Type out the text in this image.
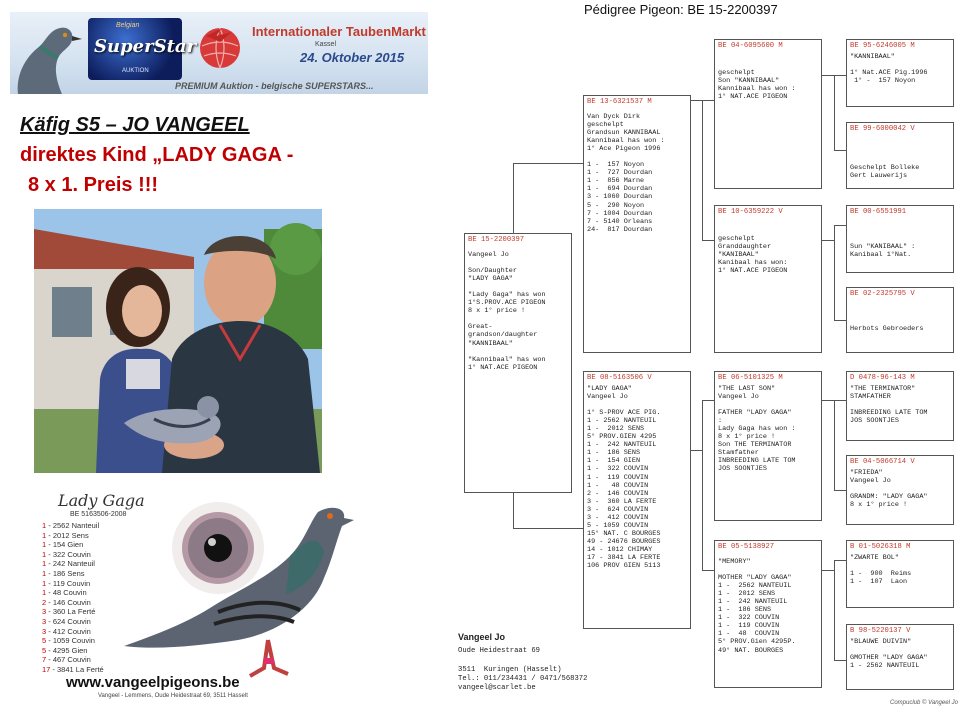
Belgian
SuperStar
AUKTION
Internationaler TaubenMarkt
Kassel
24. Oktober 2015
PREMIUM Auktion - belgische SUPERSTARS...
Käfig S5 – JO VANGEEL
direktes Kind „LADY GAGA -
8 x 1. Preis !!!
Lady Gaga
BE 5163506-2008
1 - 2562 Nanteuil
1 - 2012 Sens
1 - 154 Gien
1 - 322 Couvin
1 - 242 Nanteuil
1 - 186 Sens
1 - 119 Couvin
1 - 48 Couvin
2 - 146 Couvin
3 - 360 La Ferté
3 - 624 Couvin
3 - 412 Couvin
5 - 1059 Couvin
5 - 4295 Gien
7 - 467 Couvin
17 - 3841 La Ferté
www.vangeelpigeons.be
Vangeel - Lemmens, Oude Heidestraat 69, 3511 Hasselt
Pédigree Pigeon: BE 15-2200397
BE 15-2200397
Vangeel Jo

Son/Daughter
"LADY GAGA"

"Lady Gaga" has won
1°S.PROV.ACE PIGEON
8 x 1° price !

Great-
grandson/daughter
"KANNIBAAL"

"Kannibaal" has won
1° NAT.ACE PIGEON
BE 13-6321537 M
Van Dyck Dirk
geschelpt
Grandsun KANNIBAAL
Kannibaal has won :
1° Ace Pigeon 1996

1 -  157 Noyon
1 -  727 Dourdan
1 -  856 Marne
1 -  694 Dourdan
3 - 1060 Dourdan
5 -  290 Noyon
7 - 1004 Dourdan
7 - 5140 Orleans
24-  817 Dourdan
BE 08-5163506 V
"LADY GAGA"
Vangeel Jo

1° S-PROV ACE PIG.
1 - 2562 NANTEUIL
1 -  2012 SENS
5° PROV.GIEN 4295
1 -  242 NANTEUIL
1 -  186 SENS
1 -  154 GIEN
1 -  322 COUVIN
1 -  119 COUVIN
1 -   48 COUVIN
2 -  146 COUVIN
3 -  360 LA FERTE
3 -  624 COUVIN
3 -  412 COUVIN
5 - 1059 COUVIN
15° NAT. C BOURGES
49 - 24676 BOURGES
14 - 1012 CHIMAY
17 - 3841 LA FERTE
106 PROV GIEN 5113
BE 04-6095600 M
geschelpt
Son "KANNIBAAL"
Kannibaal has won :
1° NAT.ACE PIGEON
BE 10-6359222 V
geschelpt
Granddaughter
"KANIBAAL"
Kanibaal has won:
1° NAT.ACE PIGEON
BE 06-5101325 M
"THE LAST SON"
Vangeel Jo

FATHER "LADY GAGA"
:
Lady Gaga has won :
8 x 1° price !
Son THE TERMINATOR
Stamfather
INBREEDING LATE TOM
JOS SOONTJES
BE 05-5138927
"MEMORY"

MOTHER "LADY GAGA"
1 -  2562 NANTEUIL
1 -  2012 SENS
1 -  242 NANTEUIL
1 -  186 SENS
1 -  322 COUVIN
1 -  119 COUVIN
1 -  48  COUVIN
5° PROV.Gien 4295P.
49° NAT. BOURGES
BE 95-6246005 M
"KANNIBAAL"

1° Nat.ACE Pig.1996
1° -  157 Noyon
BE 99-6000042 V
Geschelpt Bolleke
Gert Lauwerijs
BE 00-6551991
Sun "KANIBAAL" :
Kanibaal 1°Nat.
BE 02-2325795 V
Herbots Gebroeders
D 0478-96-143 M
"THE TERMINATOR"
STAMFATHER

INBREEDING LATE TOM
JOS SOONTJES
BE 04-5066714 V
"FRIEDA"
Vangeel Jo

GRANDM: "LADY GAGA"
8 x 1° price !
B 01-5026318 M
"ZWARTE BOL"

1 -  900  Reims
1 -  107  Laon
B 98-5220137 V
"BLAUWE DUIVIN"

GMOTHER "LADY GAGA"
1 - 2562 NANTEUIL
Vangeel Jo
Oude Heidestraat 69

3511  Kuringen (Hasselt)
Tel.: 011/234431 / 0471/568372
vangeel@scarlet.be
Compuclub © Vangeel Jo
